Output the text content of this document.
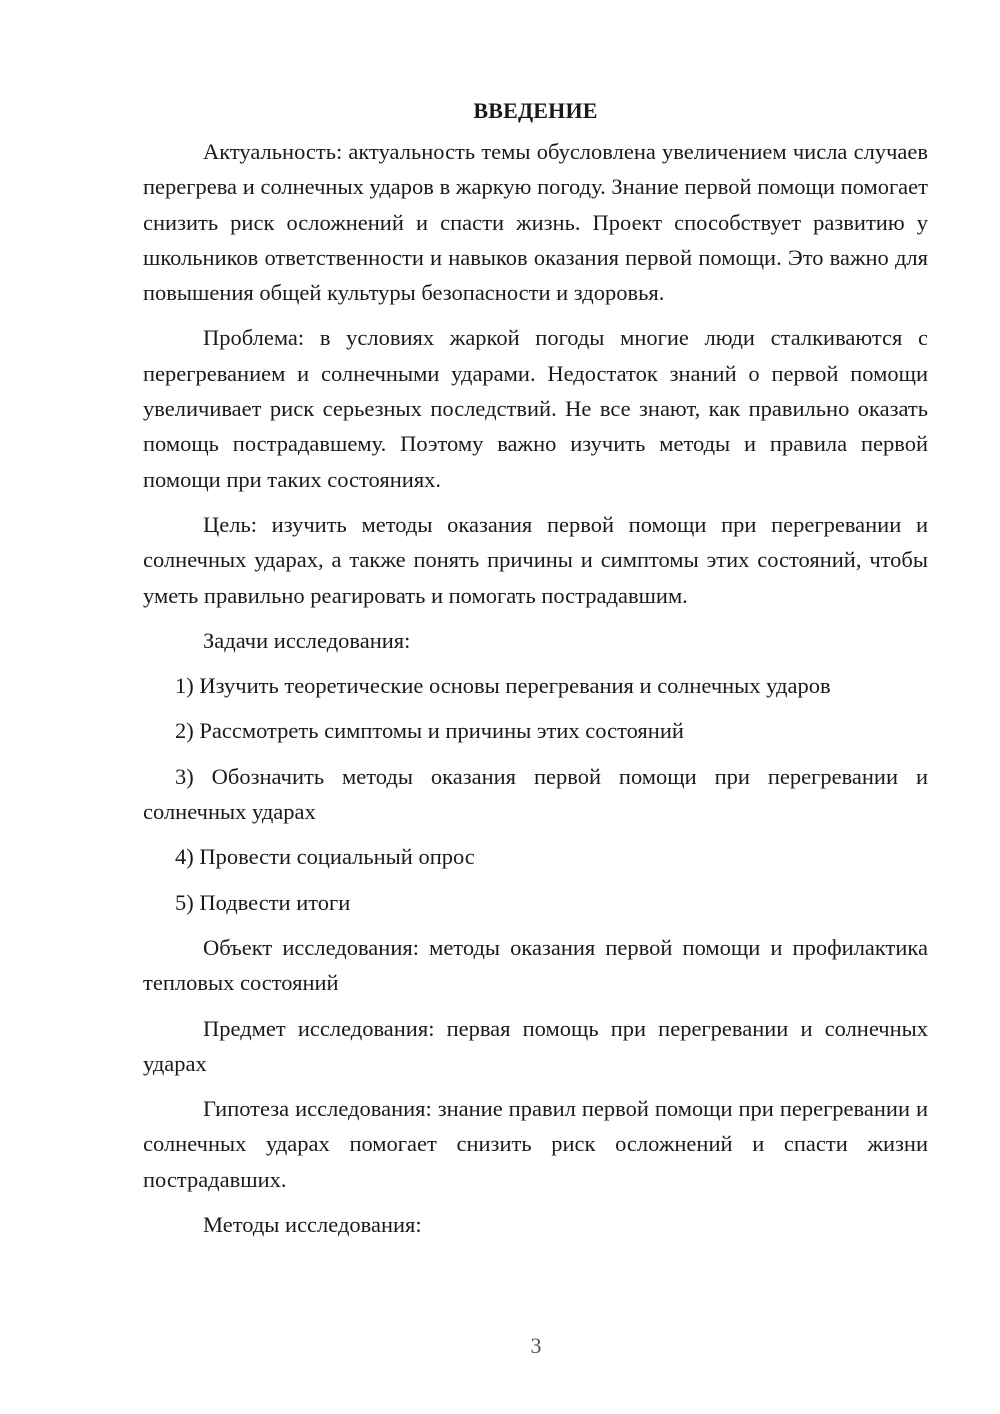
ВВЕДЕНИЕ

Актуальность: актуальность темы обусловлена увеличением числа случаев перегрева и солнечных ударов в жаркую погоду. Знание первой помощи помогает снизить риск осложнений и спасти жизнь. Проект способствует развитию у школьников ответственности и навыков оказания первой помощи. Это важно для повышения общей культуры безопасности и здоровья.

Проблема: в условиях жаркой погоды многие люди сталкиваются с перегреванием и солнечными ударами. Недостаток знаний о первой помощи увеличивает риск серьезных последствий. Не все знают, как правильно оказать помощь пострадавшему. Поэтому важно изучить методы и правила первой помощи при таких состояниях.

Цель: изучить методы оказания первой помощи при перегревании и солнечных ударах, а также понять причины и симптомы этих состояний, чтобы уметь правильно реагировать и помогать пострадавшим.

Задачи исследования:

1) Изучить теоретические основы перегревания и солнечных ударов

2) Рассмотреть симптомы и причины этих состояний

3) Обозначить методы оказания первой помощи при перегревании и солнечных ударах

4) Провести социальный опрос

5) Подвести итоги

Объект исследования: методы оказания первой помощи и профилактика тепловых состояний

Предмет исследования: первая помощь при перегревании и солнечных ударах

Гипотеза исследования: знание правил первой помощи при перегревании и солнечных ударах помогает снизить риск осложнений и спасти жизни пострадавших.

Методы исследования:

3
